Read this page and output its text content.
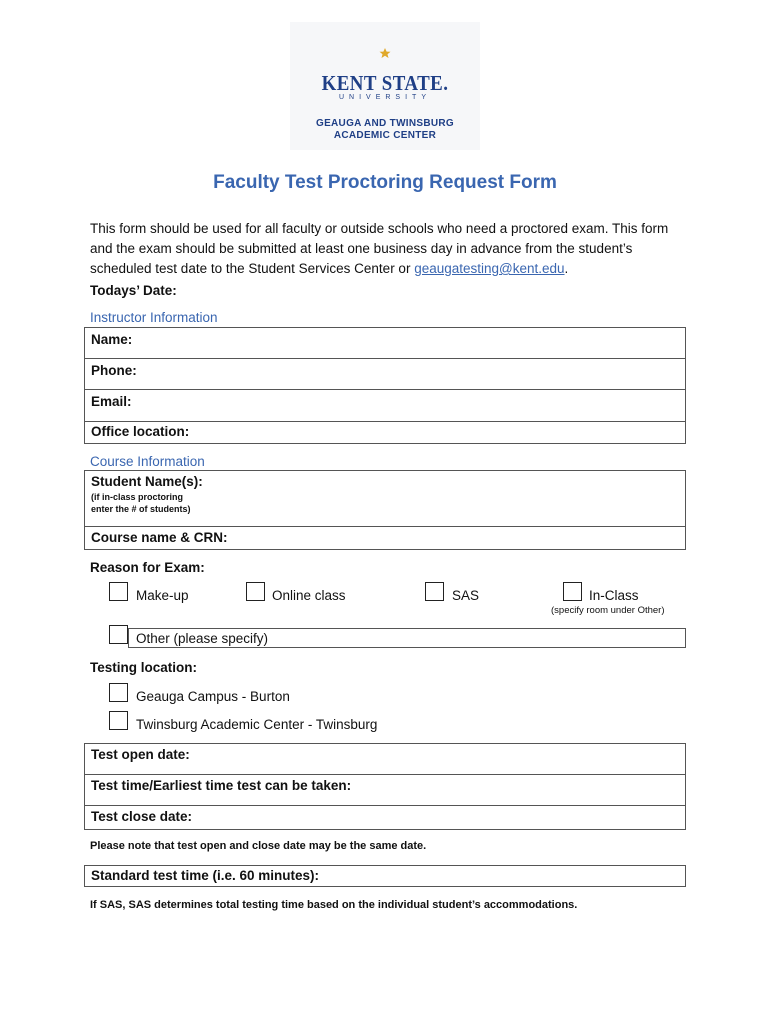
KENT STATE.
UNIVERSITY
GEAUGA AND TWINSBURG
ACADEMIC CENTER
Faculty Test Proctoring Request Form
This form should be used for all faculty or outside schools who need a proctored exam. This form and the exam should be submitted at least one business day in advance from the student’s scheduled test date to the Student Services Center or geaugatesting@kent.edu.
Todays’ Date:
Instructor Information
Name:
Phone:
Email:
Office location:
Course Information
Student Name(s):
(if in-class proctoring
enter the # of students)
Course name & CRN:
Reason for Exam:
Make-up	Online class	SAS	In-Class
(specify room under Other)
Other (please specify)
Testing location:
Geauga Campus - Burton
Twinsburg Academic Center - Twinsburg
Test open date:
Test time/Earliest time test can be taken:
Test close date:
Please note that test open and close date may be the same date.
Standard test time (i.e. 60 minutes):
If SAS, SAS determines total testing time based on the individual student’s accommodations.
